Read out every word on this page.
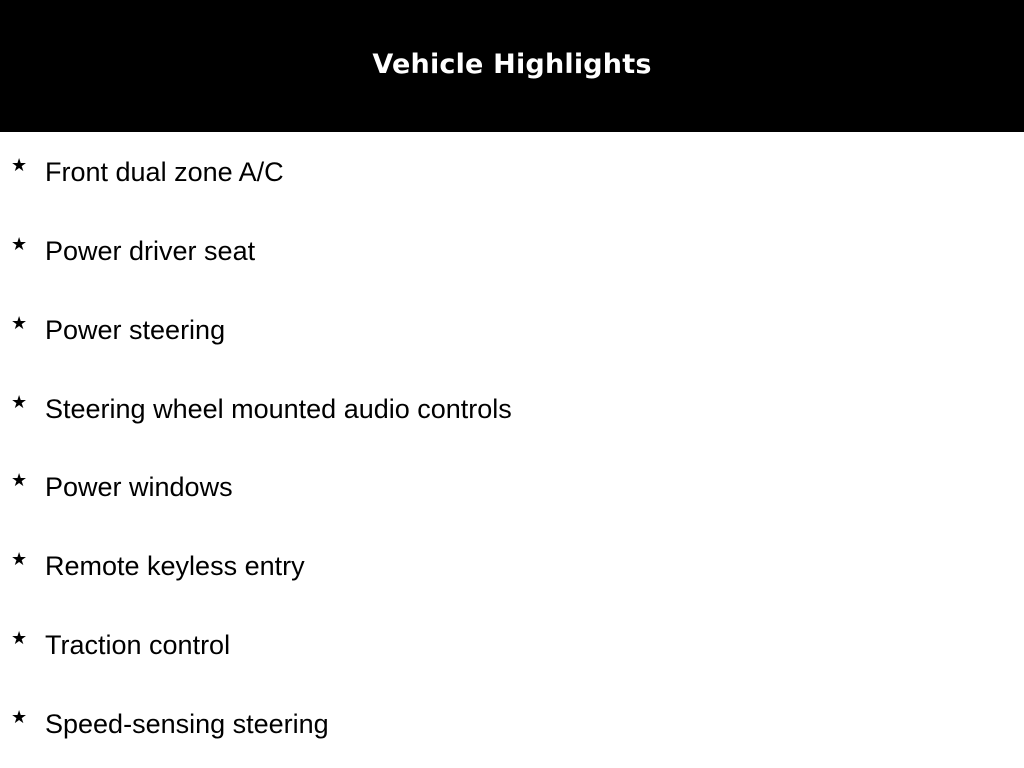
Vehicle Highlights
★ Front dual zone A/C
★ Power driver seat
★ Power steering
★ Steering wheel mounted audio controls
★ Power windows
★ Remote keyless entry
★ Traction control
★ Speed-sensing steering
